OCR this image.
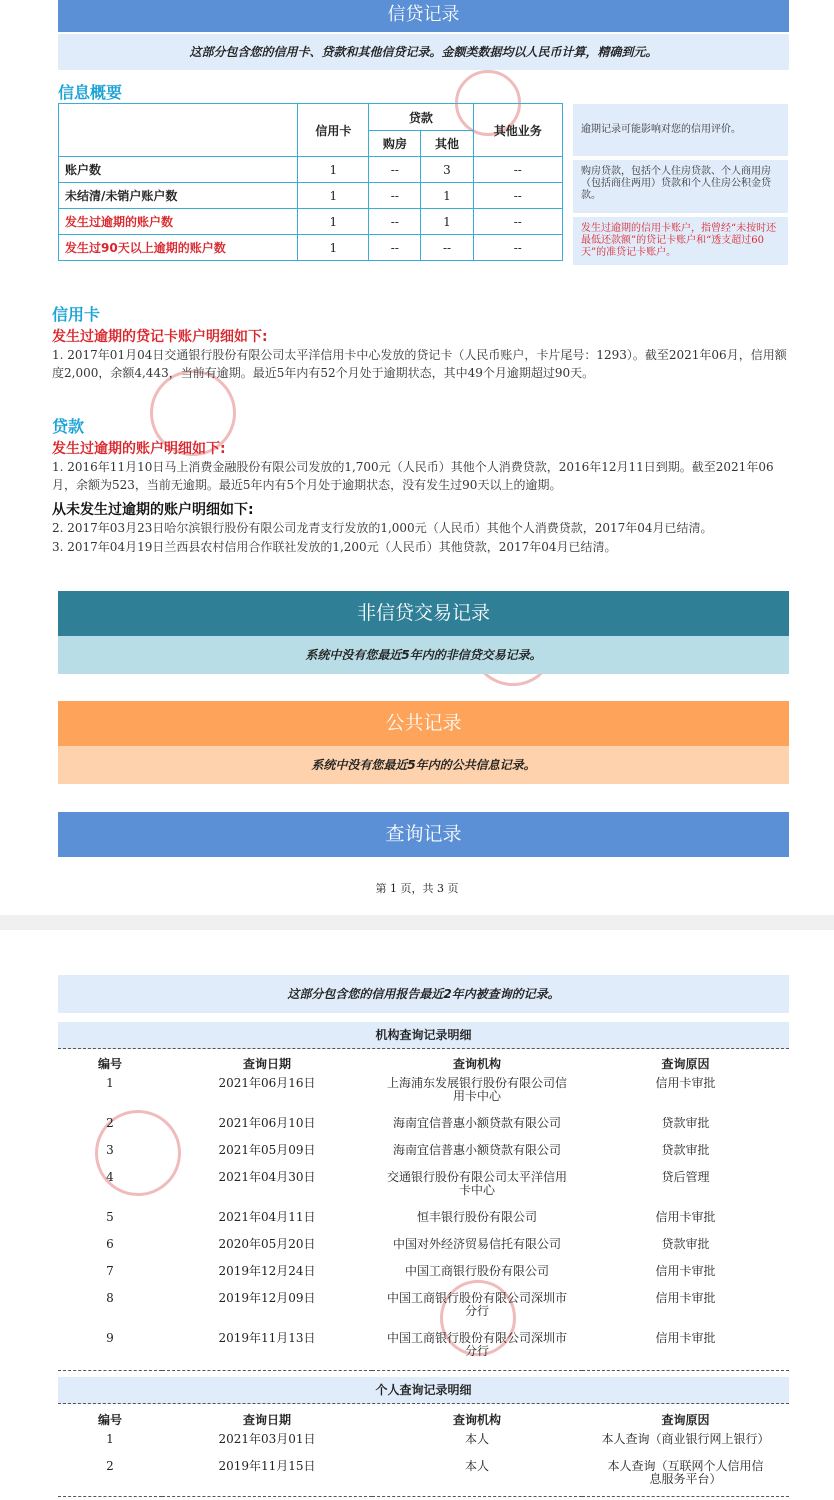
信贷记录
这部分包含您的信用卡、贷款和其他信贷记录。金额类数据均以人民币计算，精确到元。
信息概要
	信用卡	贷款		其他业务
		购房	其他	
账户数	1	--	3	--
未结清/未销户账户数	1	--	1	--
发生过逾期的账户数	1	--	1	--
发生过90天以上逾期的账户数	1	--	--	--
逾期记录可能影响对您的信用评价。
购房贷款，包括个人住房贷款、个人商用房（包括商住两用）贷款和个人住房公积金贷款。
发生过逾期的信用卡账户，指曾经“未按时还最低还款额”的贷记卡账户和“透支超过60天”的准贷记卡账户。
信用卡
发生过逾期的贷记卡账户明细如下:
1. 2017年01月04日交通银行股份有限公司太平洋信用卡中心发放的贷记卡（人民币账户，卡片尾号：1293）。截至2021年06月，信用额度2,000，余额4,443，当前有逾期。最近5年内有52个月处于逾期状态，其中49个月逾期超过90天。
贷款
发生过逾期的账户明细如下:
1. 2016年11月10日马上消费金融股份有限公司发放的1,700元（人民币）其他个人消费贷款，2016年12月11日到期。截至2021年06月，余额为523，当前无逾期。最近5年内有5个月处于逾期状态，没有发生过90天以上的逾期。
从未发生过逾期的账户明细如下:
2. 2017年03月23日哈尔滨银行股份有限公司龙青支行发放的1,000元（人民币）其他个人消费贷款，2017年04月已结清。
3. 2017年04月19日兰西县农村信用合作联社发放的1,200元（人民币）其他贷款，2017年04月已结清。
非信贷交易记录
系统中没有您最近5年内的非信贷交易记录。
公共记录
系统中没有您最近5年内的公共信息记录。
查询记录
第 1 页，共 3 页
这部分包含您的信用报告最近2年内被查询的记录。
机构查询记录明细
编号	查询日期	查询机构	查询原因
1	2021年06月16日	上海浦东发展银行股份有限公司信用卡中心	信用卡审批
2	2021年06月10日	海南宜信普惠小额贷款有限公司	贷款审批
3	2021年05月09日	海南宜信普惠小额贷款有限公司	贷款审批
4	2021年04月30日	交通银行股份有限公司太平洋信用卡中心	贷后管理
5	2021年04月11日	恒丰银行股份有限公司	信用卡审批
6	2020年05月20日	中国对外经济贸易信托有限公司	贷款审批
7	2019年12月24日	中国工商银行股份有限公司	信用卡审批
8	2019年12月09日	中国工商银行股份有限公司深圳市分行	信用卡审批
9	2019年11月13日	中国工商银行股份有限公司深圳市分行	信用卡审批
个人查询记录明细
编号	查询日期	查询机构	查询原因
1	2021年03月01日	本人	本人查询（商业银行网上银行）
2	2019年11月15日	本人	本人查询（互联网个人信用信息服务平台）
